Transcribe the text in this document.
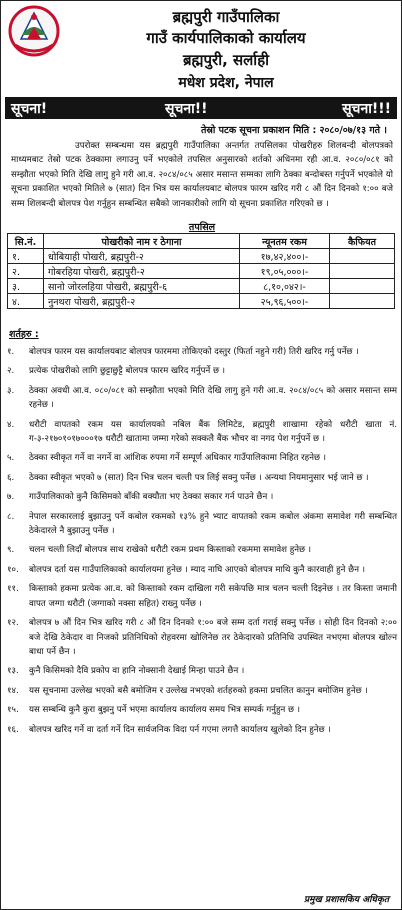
ब्रह्मपुरी गाउँपालिका
गाउँ कार्यपालिकाको कार्यालय
ब्रह्मपुरी, सर्लाही
मधेश प्रदेश, नेपाल
सूचना!	सूचना!!	सूचना!!!
तेस्रो पटक सूचना प्रकाशन मिति : २०८०/०७/१३ गते ।

उपरोक्त सम्बन्धमा यस ब्रह्मपुरी गाउँपालिका अन्तर्गत तपसिलका पोखरीहरु शिलबन्दी बोलपत्रको माध्यमबाट तेस्रो पटक ठेक्कामा लगाउनु पर्ने भएकोले तपसिल अनुसारको शर्तको अधिनमा रही आ.व. २०८०/०८१ को सम्झौता भएको मिति देखि लागु हुने गरी आ.व. २०८४/०८५ असार मसान्त सम्मका लागि ठेक्का बन्दोबस्त गर्नुपर्ने भएकोले यो सूचना प्रकाशित भएको मितिले ७ (सात) दिन भित्र यस कार्यालयबाट बोलपत्र फारम खरिद गरी ८ औं दिन दिनको १:०० बजे सम्म शिलबन्दी बोलपत्र पेश गर्नुहुन सम्बन्धित सबैको जानकारीको लागि यो सूचना प्रकाशित गरिएको छ ।

तपसिल
सि.नं.	पोखरीको नाम र ठेगाना	न्यूनतम रकम	कैफियत
१.	धोबियाही पोखरी, ब्रह्मपुरी-२	१७,४२,४००।-	
२.	गोबरहिया पोखरी, ब्रह्मपुरी-२	१९,०५,०००।-	
३.	सानो जोरलहिया पोखरी, ब्रह्मपुरी-६	८,१०,०४२।-	
४.	नुनथरा पोखरी, ब्रह्मपुरी-२	२५,९६,५००।-	
शर्तहरु :
१.	बोलपत्र फारम यस कार्यालयबाट बोलपत्र फारममा तोकिएको दस्तुर (फिर्ता नहुने गरी) तिरी खरिद गर्नु पर्नेछ ।
२.	प्रत्येक पोखरीको लागि छुट्टाछुट्टै बोलपत्र फारम खरिद गर्नुपर्ने छ ।
३.	ठेक्का अवधी आ.व. ०८०/०८१ को सम्झौता भएको मिति देखि लागु हुने गरी आ.व. २०८४/०८५ को असार मसान्त सम्म रहनेछ ।
४.	धरौटी वापतको रकम यस कार्यालयको नबिल बैंक लिमिटेड, ब्रह्मपुरी शाखामा रहेको धरौटी खाता नं. ग-३-२१७०१०१७०००१७ धरौटी खातामा जम्मा गरेको सक्कलै बैंक भौचर वा नगद पेश गर्नुपर्ने छ ।
५.	ठेक्का स्वीकृत गर्ने वा नगर्ने वा आंशिक रुपमा गर्ने सम्पूर्ण अधिकार गाउँपालिकामा निहित रहनेछ ।
६.	ठेक्का स्वीकृत भएको ७ (सात) दिन भित्र चलन चल्ती पत्र लिई सक्नु पर्नेछ । अन्यथा नियमानुसार भई जाने छ ।
७.	गाउँपालिकाको कुनै किसिमको बाँकी बक्यौता भए ठेक्का सकार गर्न पाउने छैन ।
८.	नेपाल सरकारलाई बुझाउनु पर्ने कबोल रकमको १३% हुने भ्याट वापतको रकम कबोल अंकमा समावेश गरी सम्बन्धित ठेकेदारले नै बुझाउनु पर्नेछ ।
९.	चलन चल्ती लिदाँ बोलपत्र साथ राखेको धरौटी रकम प्रथम किस्ताको रकममा समावेश हुनेछ ।
१०.	बोलपत्र दर्ता यस गाउँपालिकाको कार्यालयमा हुनेछ । म्याद नाघि आएको बोलपत्र माथि कुनै कारवाही हुने छैन ।
११.	किस्ताको हकमा प्रत्येक आ.व. को किस्ताको रकम दाखिला गरी सकेपछि मात्र चलन चल्ती दिइनेछ । तर किस्ता जमानी वापत जग्गा धरौटी (जग्गाको नक्सा सहित) राख्नु पर्नेछ ।
१२.	बोलपत्र ७ औं दिन भित्र खरिद गरी ८ औं दिन दिनको १:०० बजे सम्म दर्ता गराई सक्नु पर्नेछ । सोही दिन दिनको २:०० बजे देखि ठेकेदार वा निजको प्रतिनिधिको रोहवरमा खोलिनेछ तर ठेकेदारको प्रतिनिधि उपस्थित नभएमा बोलपत्र खोल्न बाधा पर्ने छैन ।
१३.	कुनै किसिमको दैवि प्रकोप वा हानि नोक्सानी देखाई मिन्हा पाउने छैन ।
१४.	यस सूचनामा उल्लेख भएको बसै बमोजिम र उल्लेख नभएको शर्तहरुको हकमा प्रचलित कानुन बमोजिम हुनेछ ।
१५.	यस सम्बन्धि कुनै कुरा बुझनु पर्ने भएमा कार्यालय कार्यालय समय भित्र सम्पर्क गर्नुहुन छ ।
१६.	बोलपत्र खरिद गर्ने वा दर्ता गर्ने दिन सार्वजनिक विदा पर्न गएमा लगत्तै कार्यालय खुलेको दिन हुनेछ ।
प्रमुख प्रशासकिय अधिकृत
